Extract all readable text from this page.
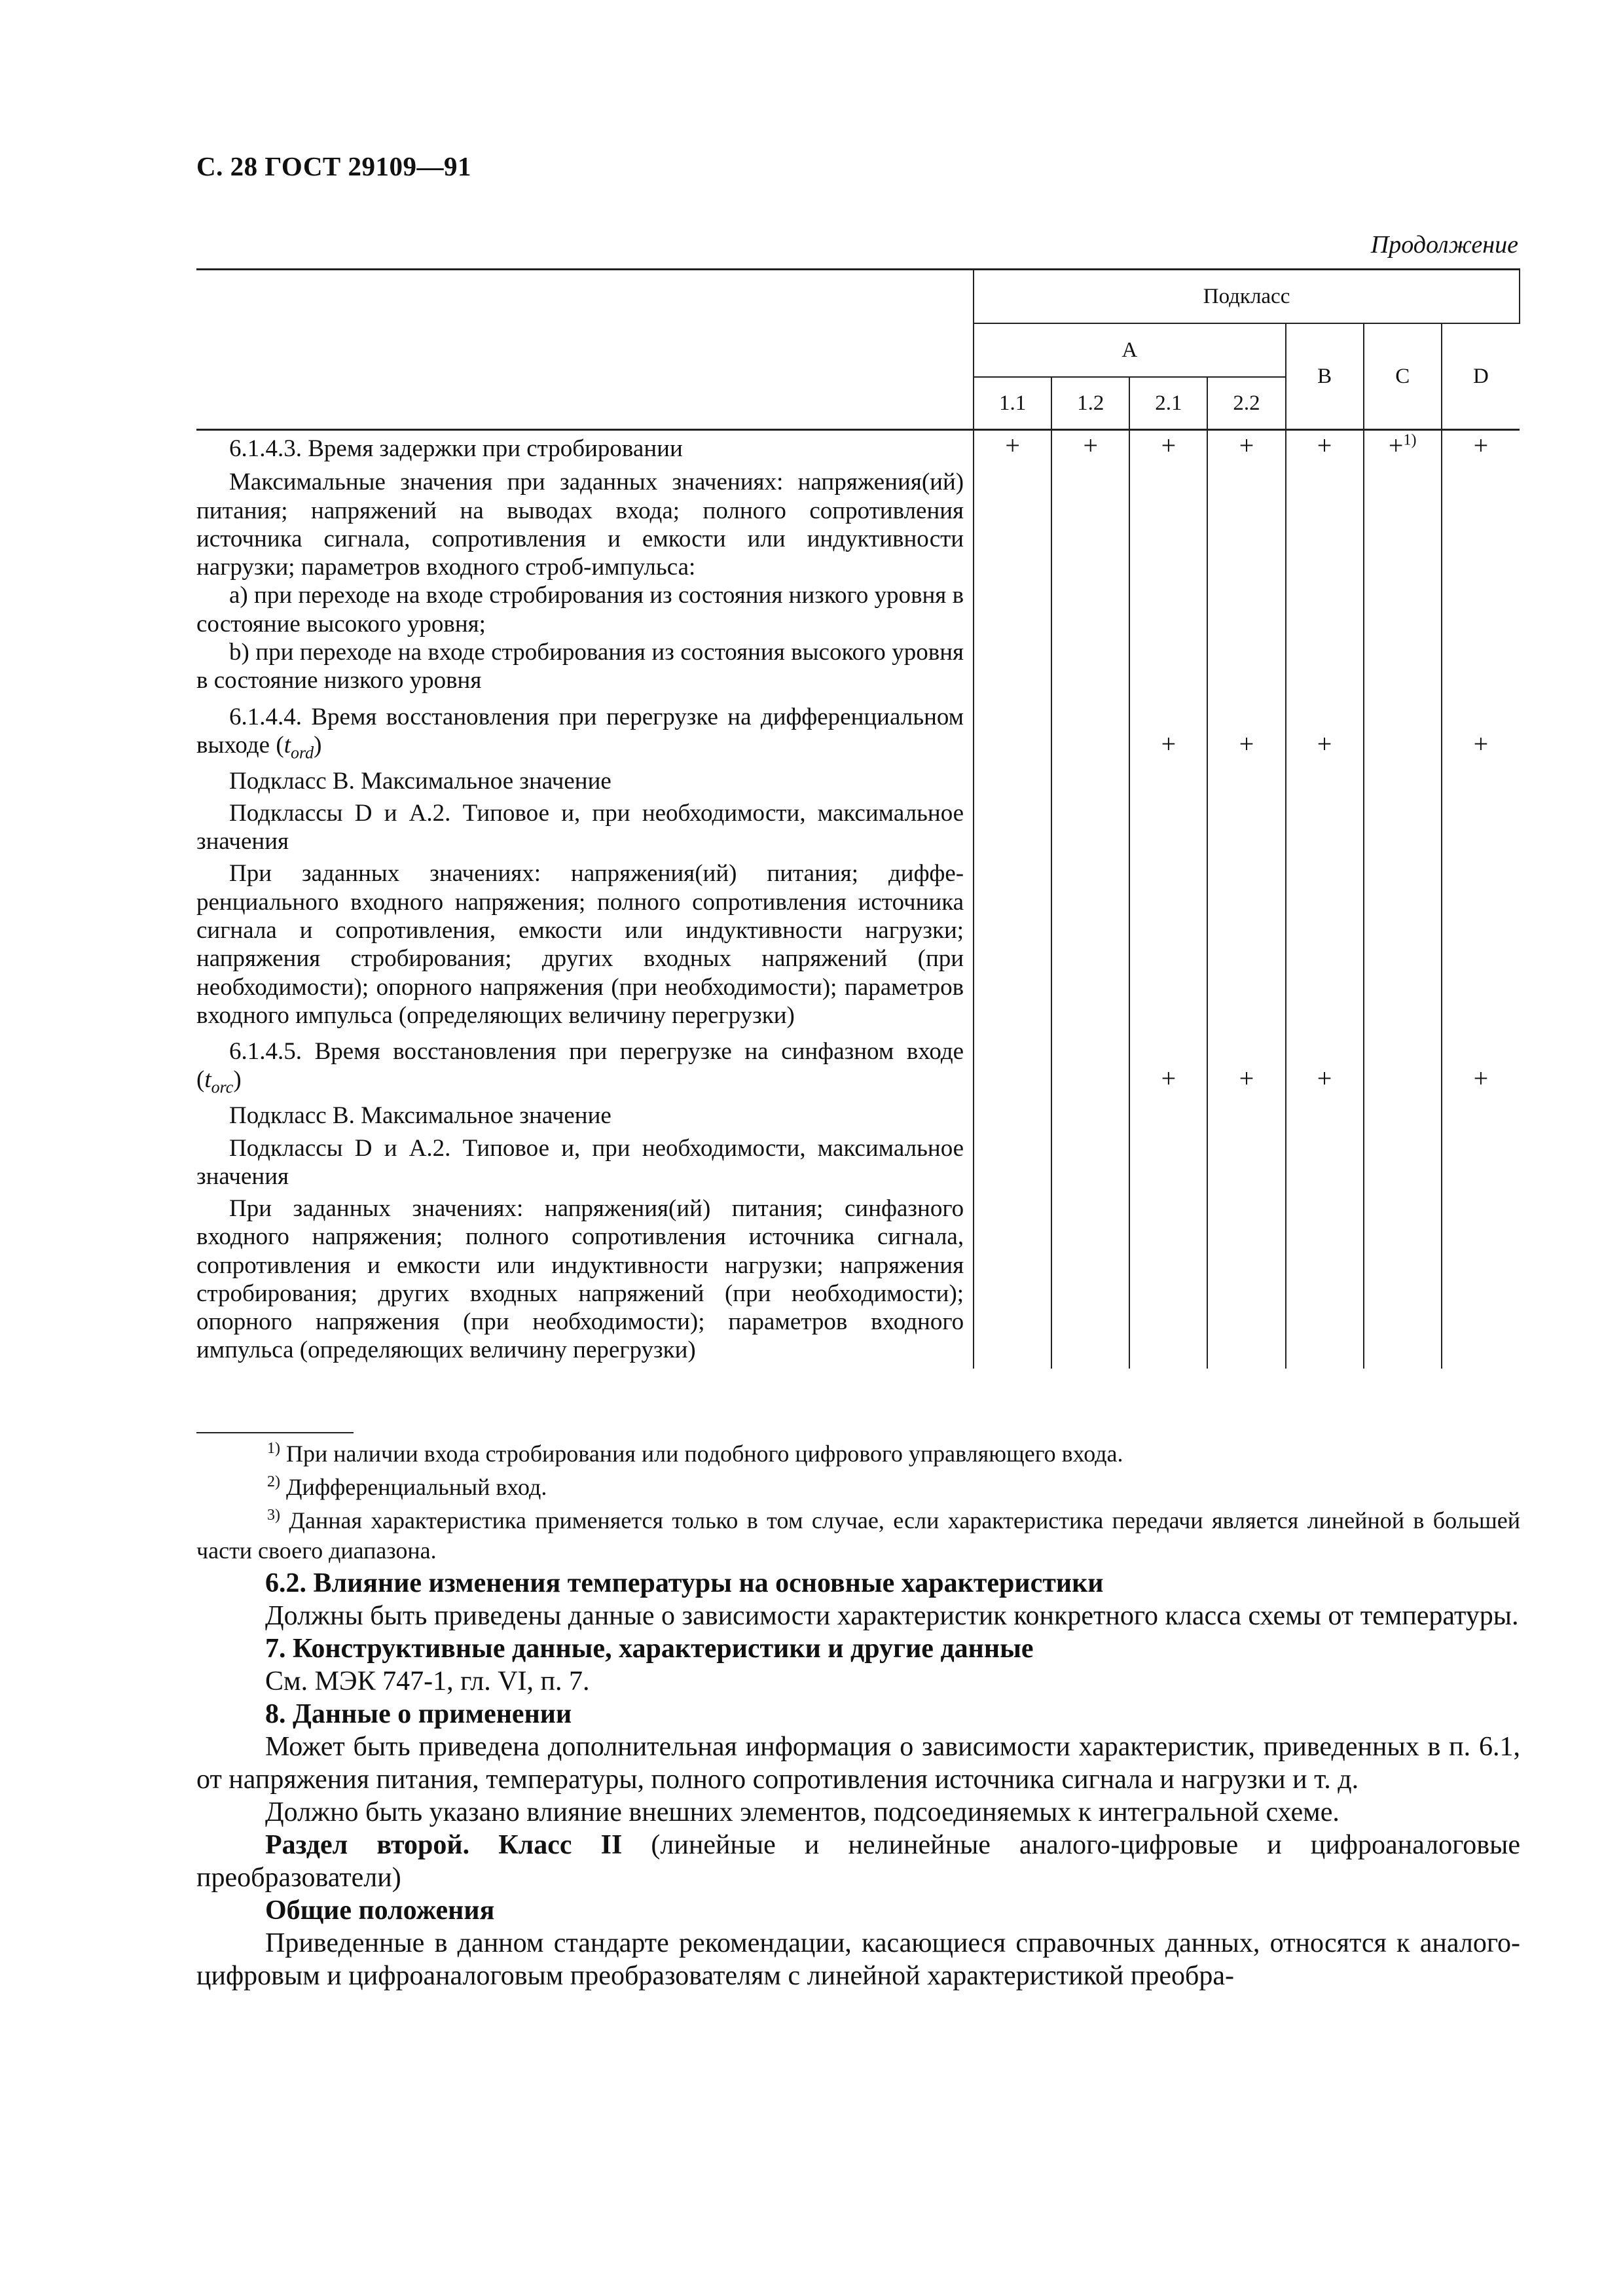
С. 28 ГОСТ 29109—91
Продолжение
	Подкласс						
	A				B	C	D
	1.1	1.2	2.1	2.2			

6.1.4.3. Время задержки при стробировании

Максимальные значения при заданных значениях: напряжения(ий) питания; напряжений на выводах входа; полного сопротивления источника сигнала, сопротивления и емкости или индуктивности нагрузки; параметров входного строб-импульса:

а) при переходе на входе стробирования из состояния низкого уровня в состояние высокого уровня;

b) при переходе на входе стробирования из состояния высокого уровня в состояние низкого уровня	+	+	+	+	+	+$^{1)}$	+

6.1.4.4. Время восстановления при перегрузке на дифференциальном выходе $(t_{ord})$

Подкласс В. Максимальное значение

Подклассы D и А.2. Типовое и, при необходимости, максимальное значения

При заданных значениях: напряжения(ий) питания; дифференциального входного напряжения; полного сопротивления источника сигнала и сопротивления, емкости или индуктивности нагрузки; напряжения стробирования; других входных напряжений (при необходимости); опорного напряжения (при необходимости); параметров входного импульса (определяющих величину перегрузки)			+	+	+		+

6.1.4.5. Время восстановления при перегрузке на синфазном входе $(t_{orc})$

Подкласс В. Максимальное значение

Подклассы D и А.2. Типовое и, при необходимости, максимальное значения

При заданных значениях: напряжения(ий) питания; синфазного входного напряжения; полного сопротивления источника сигнала, сопротивления и емкости или индуктивности нагрузки; напряжения стробирования; других входных напряжений (при необходимости); опорного напряжения (при необходимости); параметров входного импульса (определяющих величину перегрузки)			+	+	+		+

$^{1)}$ При наличии входа стробирования или подобного цифрового управляющего входа.

$^{2)}$ Дифференциальный вход.

$^{3)}$ Данная характеристика применяется только в том случае, если характеристика передачи является линейной в большей части своего диапазона.

6.2. Влияние изменения температуры на основные характеристики

Должны быть приведены данные о зависимости характеристик конкретного класса схемы от температуры.

7. Конструктивные данные, характеристики и другие данные

См. МЭК 747-1, гл. VI, п. 7.

8. Данные о применении

Может быть приведена дополнительная информация о зависимости характеристик, приведенных в п. 6.1, от напряжения питания, температуры, полного сопротивления источника сигнала и нагрузки и т. д.

Должно быть указано влияние внешних элементов, подсоединяемых к интегральной схеме.

Раздел второй. Класс II (линейные и нелинейные аналого-цифровые и цифроаналоговые преобразователи)

Общие положения

Приведенные в данном стандарте рекомендации, касающиеся справочных данных, относятся к аналого-цифровым и цифроаналоговым преобразователям с линейной характеристикой преобра-
